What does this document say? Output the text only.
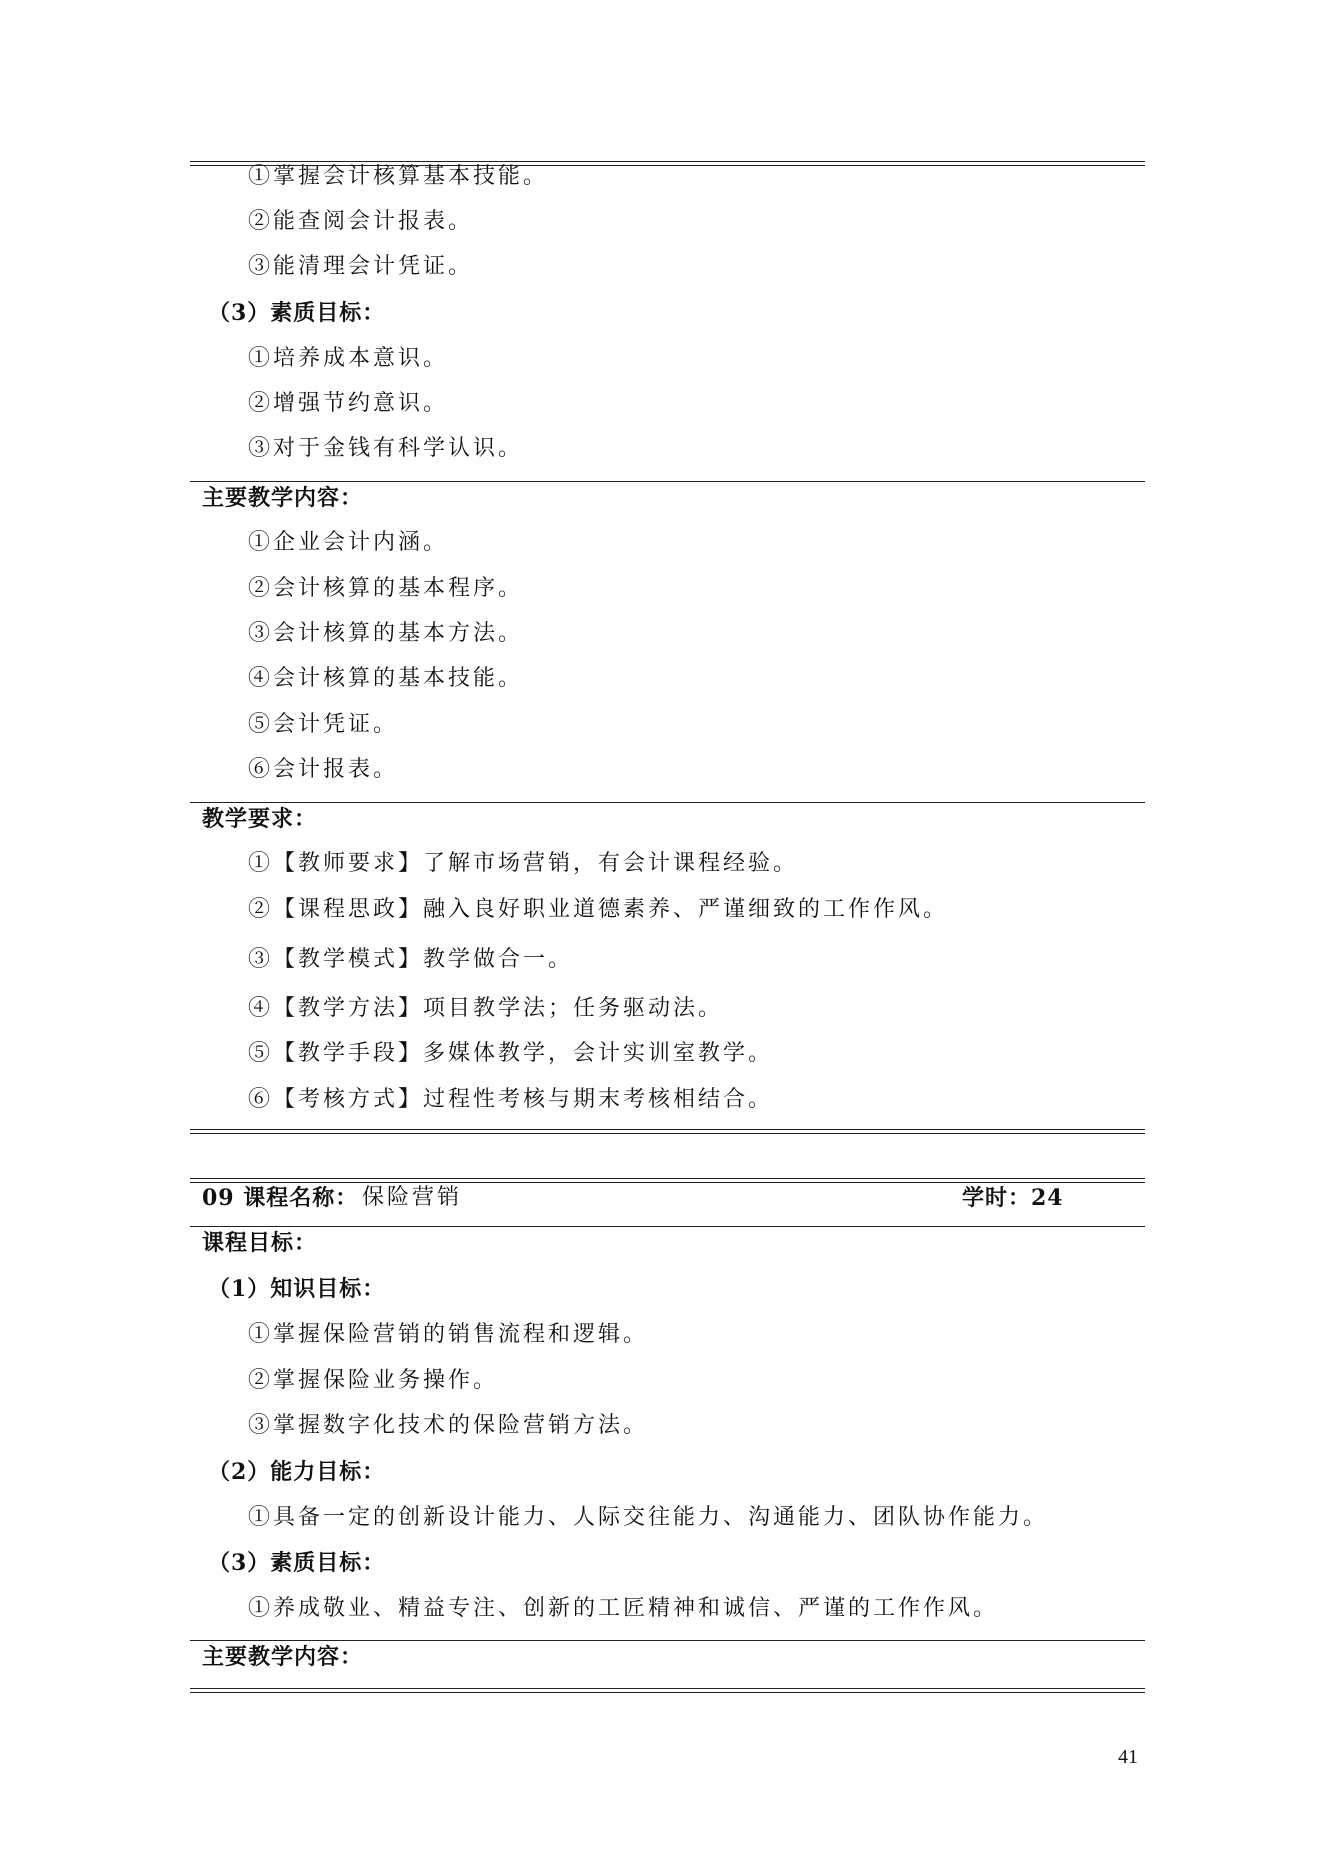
①掌握会计核算基本技能。
②能查阅会计报表。
③能清理会计凭证。
（3）素质目标：
①培养成本意识。
②增强节约意识。
③对于金钱有科学认识。
主要教学内容：
①企业会计内涵。
②会计核算的基本程序。
③会计核算的基本方法。
④会计核算的基本技能。
⑤会计凭证。
⑥会计报表。
教学要求：
①【教师要求】了解市场营销，有会计课程经验。
②【课程思政】融入良好职业道德素养、严谨细致的工作作风。
③【教学模式】教学做合一。
④【教学方法】项目教学法；任务驱动法。
⑤【教学手段】多媒体教学，会计实训室教学。
⑥【考核方式】过程性考核与期末考核相结合。
09 课程名称： 保险营销	学时：24
课程目标：
（1）知识目标：
①掌握保险营销的销售流程和逻辑。
②掌握保险业务操作。
③掌握数字化技术的保险营销方法。
（2）能力目标：
①具备一定的创新设计能力、人际交往能力、沟通能力、团队协作能力。
（3）素质目标：
①养成敬业、精益专注、创新的工匠精神和诚信、严谨的工作作风。
主要教学内容：
41
